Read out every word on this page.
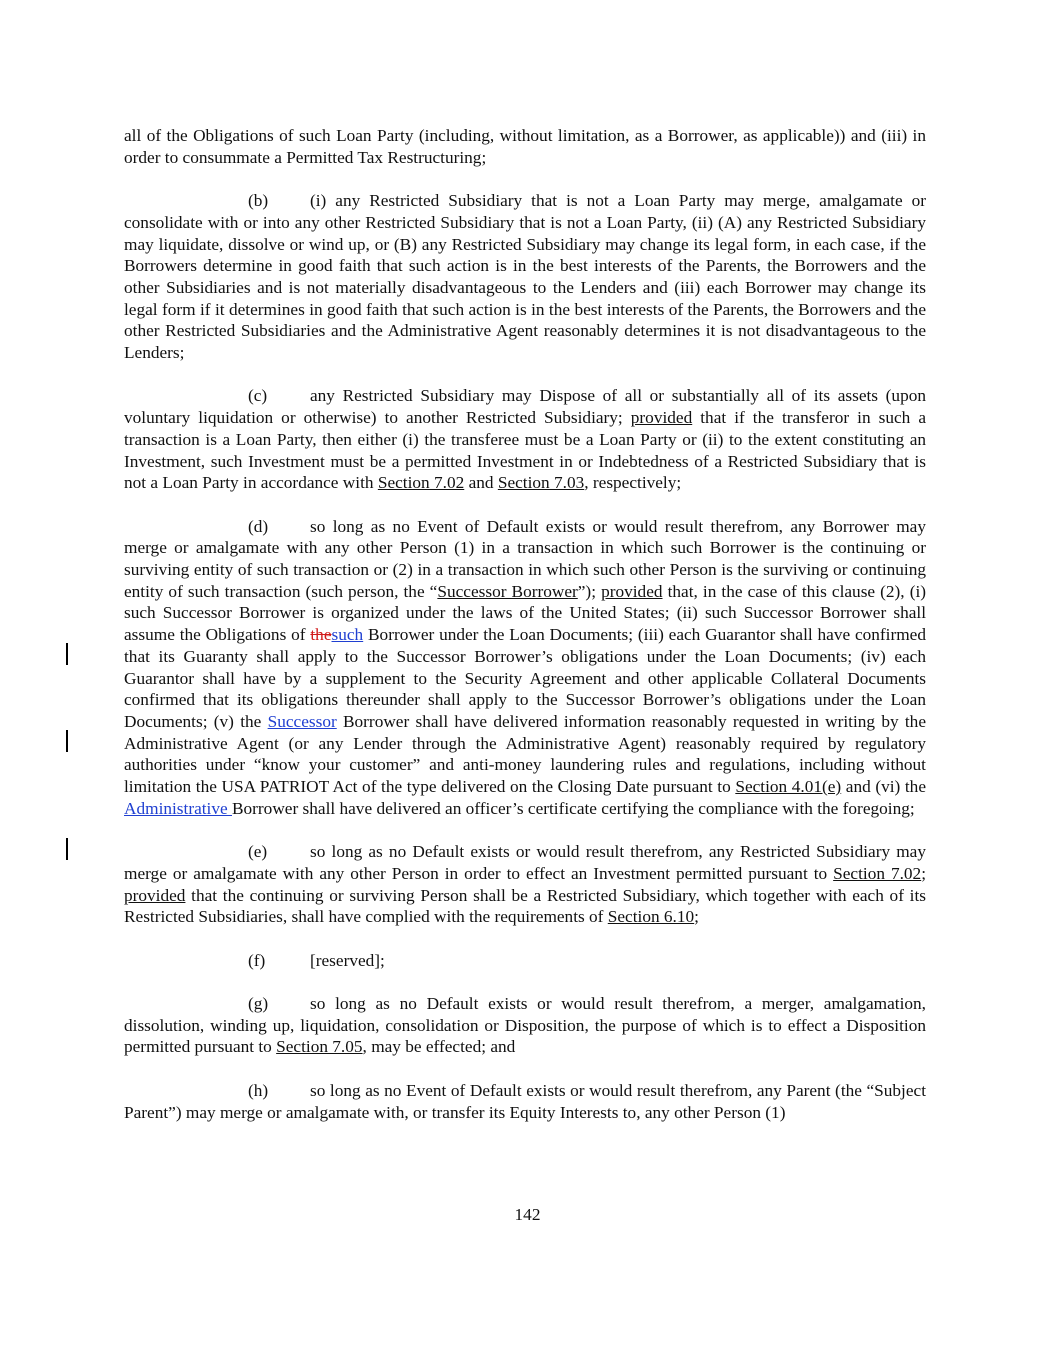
all of the Obligations of such Loan Party (including, without limitation, as a Borrower, as applicable)) and (iii) in order to consummate a Permitted Tax Restructuring;

(b) (i) any Restricted Subsidiary that is not a Loan Party may merge, amalgamate or consolidate with or into any other Restricted Subsidiary that is not a Loan Party, (ii) (A) any Restricted Subsidiary may liquidate, dissolve or wind up, or (B) any Restricted Subsidiary may change its legal form, in each case, if the Borrowers determine in good faith that such action is in the best interests of the Parents, the Borrowers and the other Subsidiaries and is not materially disadvantageous to the Lenders and (iii) each Borrower may change its legal form if it determines in good faith that such action is in the best interests of the Parents, the Borrowers and the other Restricted Subsidiaries and the Administrative Agent reasonably determines it is not disadvantageous to the Lenders;

(c) any Restricted Subsidiary may Dispose of all or substantially all of its assets (upon voluntary liquidation or otherwise) to another Restricted Subsidiary; provided that if the transferor in such a transaction is a Loan Party, then either (i) the transferee must be a Loan Party or (ii) to the extent constituting an Investment, such Investment must be a permitted Investment in or Indebtedness of a Restricted Subsidiary that is not a Loan Party in accordance with Section 7.02 and Section 7.03, respectively;

(d) so long as no Event of Default exists or would result therefrom, any Borrower may merge or amalgamate with any other Person (1) in a transaction in which such Borrower is the continuing or surviving entity of such transaction or (2) in a transaction in which such other Person is the surviving or continuing entity of such transaction (such person, the “Successor Borrower”); provided that, in the case of this clause (2), (i) such Successor Borrower is organized under the laws of the United States; (ii) such Successor Borrower shall assume the Obligations of thesuch Borrower under the Loan Documents; (iii) each Guarantor shall have confirmed that its Guaranty shall apply to the Successor Borrower’s obligations under the Loan Documents; (iv) each Guarantor shall have by a supplement to the Security Agreement and other applicable Collateral Documents confirmed that its obligations thereunder shall apply to the Successor Borrower’s obligations under the Loan Documents; (v) the Successor Borrower shall have delivered information reasonably requested in writing by the Administrative Agent (or any Lender through the Administrative Agent) reasonably required by regulatory authorities under “know your customer” and anti-money laundering rules and regulations, including without limitation the USA PATRIOT Act of the type delivered on the Closing Date pursuant to Section 4.01(e) and (vi) the Administrative Borrower shall have delivered an officer’s certificate certifying the compliance with the foregoing;

(e) so long as no Default exists or would result therefrom, any Restricted Subsidiary may merge or amalgamate with any other Person in order to effect an Investment permitted pursuant to Section 7.02; provided that the continuing or surviving Person shall be a Restricted Subsidiary, which together with each of its Restricted Subsidiaries, shall have complied with the requirements of Section 6.10;

(f)	[reserved];

(g) so long as no Default exists or would result therefrom, a merger, amalgamation, dissolution, winding up, liquidation, consolidation or Disposition, the purpose of which is to effect a Disposition permitted pursuant to Section 7.05, may be effected; and

(h) so long as no Event of Default exists or would result therefrom, any Parent (the “Subject Parent”) may merge or amalgamate with, or transfer its Equity Interests to, any other Person (1)

142
